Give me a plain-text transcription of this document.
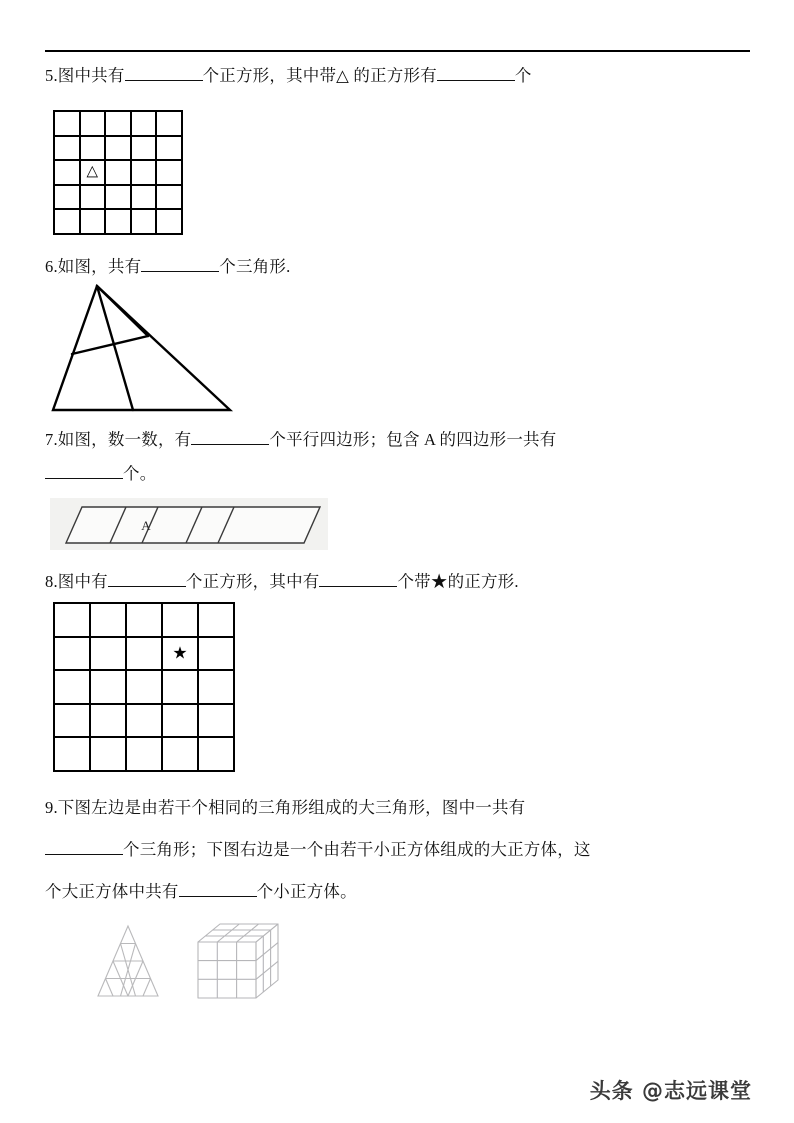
5.图中共有	个正方形，其中带△ 的正方形有	个
△
6.如图，共有	个三角形.
7.如图，数一数，有	个平行四边形；包含 A 的四边形一共有
个。
A
8.图中有	个正方形，其中有	个带★的正方形.
★
9.下图左边是由若干个相同的三角形组成的大三角形，图中一共有
个三角形；下图右边是一个由若干小正方体组成的大正方体，这
个大正方体中共有	个小正方体。
头条 @志远课堂
